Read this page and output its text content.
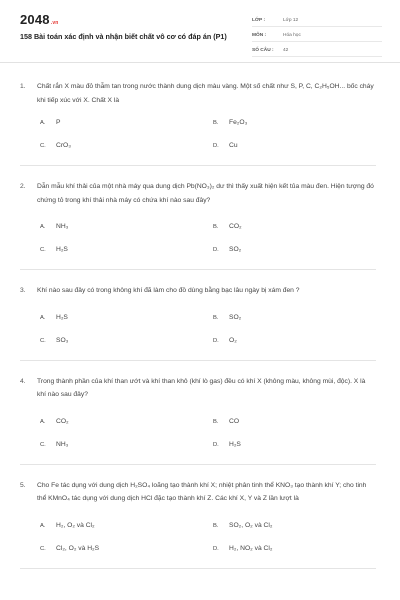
2048.vn
158 Bài toán xác định và nhận biết chất vô cơ có đáp án (P1)
LỚP :	Lớp 12
MÔN :	Hóa học
SỐ CÂU :	42
1.	Chất rắn X màu đỏ thẫm tan trong nước thành dung dịch màu vàng. Một số chất như S, P, C, C₂H₅OH... bốc cháy khi tiếp xúc với X. Chất X là
A.	P	B.	Fe₂O₃
C.	CrO₃	D.	Cu
2.	Dẫn mẫu khí thải của một nhà máy qua dung dịch Pb(NO₃)₂ dư thì thấy xuất hiện kết tủa màu đen. Hiện tượng đó chứng tỏ trong khí thải nhà máy có chứa khí nào sau đây?
A.	NH₃	B.	CO₂
C.	H₂S	D.	SO₂
3.	Khí nào sau đây có trong không khí đã làm cho đồ dùng bằng bạc lâu ngày bị xám đen ?
A.	H₂S	B.	SO₂
C.	SO₃	D.	O₂
4.	Trong thành phần của khí than ướt và khí than khô (khí lò gas) đều có khí X (không màu, không mùi, độc). X là khí nào sau đây?
A.	CO₂	B.	CO
C.	NH₃	D.	H₂S
5.	Cho Fe tác dụng với dung dịch H₂SO₄ loãng tạo thành khí X; nhiệt phân tinh thể KNO₃ tạo thành khí Y; cho tinh thể KMnO₄ tác dụng với dung dịch HCl đặc tạo thành khí Z. Các khí X, Y và Z lần lượt là
A.	H₂, O₂ và Cl₂	B.	SO₂, O₂ và Cl₂
C.	Cl₂, O₂ và H₂S	D.	H₂, NO₂ và Cl₂
